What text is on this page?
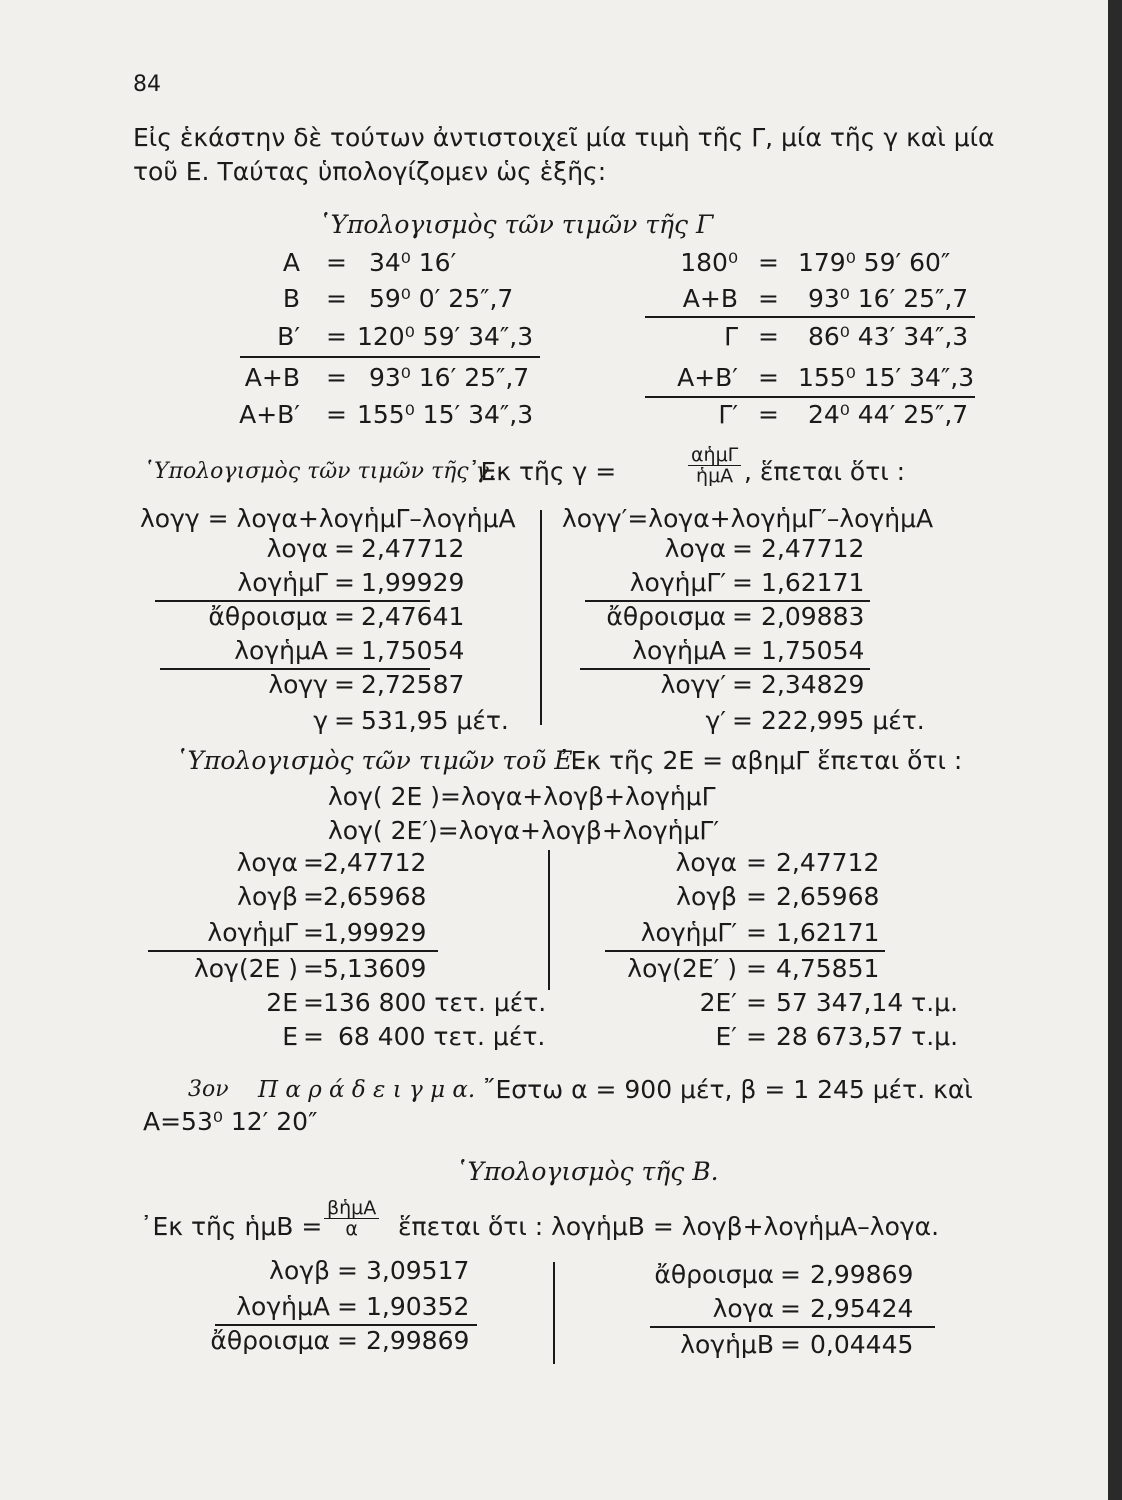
84
Εἰς ἑκάστην δὲ τούτων ἀντιστοιχεῖ μία τιμὴ τῆς Γ, μία τῆς γ καὶ μία
τοῦ Ε. Ταύτας ὑπολογίζομεν ὡς ἑξῆς:
῾Υπολογισμὸς τῶν τιμῶν τῆς Γ
A = 34⁰ 16′
B = 59⁰ 0′ 25″,7
B′ = 120⁰ 59′ 34″,3
A+B = 93⁰ 16′ 25″,7
A+B′ = 155⁰ 15′ 34″,3
180⁰ = 179⁰ 59′ 60″
A+B = 93⁰ 16′ 25″,7
Γ = 86⁰ 43′ 34″,3
A+B′ = 155⁰ 15′ 34″,3
Γ′ = 24⁰ 44′ 25″,7
῾Υπολογισμὸς τῶν τιμῶν τῆς γ.
᾿Εκ τῆς γ =
αἡμΓ
ἡμΑ , ἕπεται ὅτι :
λογγ = λογα+λογἡμΓ–λογἡμΑ λογγ′=λογα+λογἡμΓ′–λογἡμΑ
λογα = 2,47712
λογἡμΓ = 1,99929
ἄθροισμα = 2,47641
λογἡμΑ = 1,75054
λογγ = 2,72587
γ = 531,95 μέτ.
λογα = 2,47712
λογἡμΓ′ = 1,62171
ἄθροισμα = 2,09883
λογἡμΑ = 1,75054
λογγ′ = 2,34829
γ′ = 222,995 μέτ.
῾Υπολογισμὸς τῶν τιμῶν τοῦ Ε.
᾿Εκ τῆς 2Ε = αβημΓ ἕπεται ὅτι :
λογ( 2Ε )=λογα+λογβ+λογἡμΓ
λογ( 2Ε′)=λογα+λογβ+λογἡμΓ′
λογα = 2,47712
λογβ = 2,65968
λογἡμΓ = 1,99929
λογ(2Ε ) = 5,13609
2Ε = 136 800 τετ. μέτ.
Ε = 68 400 τετ. μέτ.
λογα = 2,47712
λογβ = 2,65968
λογἡμΓ′ = 1,62171
λογ(2Ε′ ) = 4,75851
2Ε′ = 57 347,14 τ.μ.
Ε′ = 28 673,57 τ.μ.
3ον Π α ρ ά δ ε ι γ μ α. ῎Εστω α = 900 μέτ, β = 1 245 μέτ. καὶ
Α=53⁰ 12′ 20″
῾Υπολογισμὸς τῆς Β.
᾿Εκ τῆς ἡμΒ =
βἡμΑ
α	ἕπεται ὅτι : λογἡμΒ = λογβ+λογἡμΑ–λογα.
λογβ = 3,09517
λογἡμΑ = 1,90352
ἄθροισμα = 2,99869
ἄθροισμα = 2,99869
λογα = 2,95424
λογἡμΒ = 0,04445
